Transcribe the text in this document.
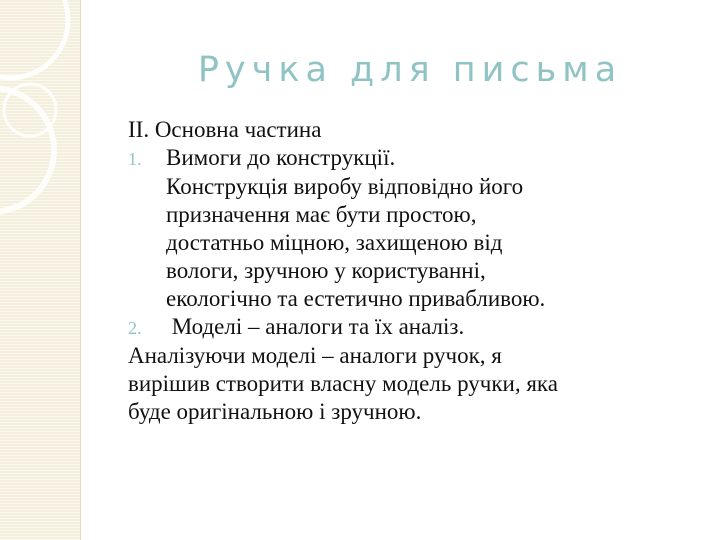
Ручка для письма
II. Основна частина
1. Вимоги до конструкції.
Конструкція виробу відповідно його
призначення має бути простою,
достатньо міцною, захищеною від
вологи, зручною у користуванні,
екологічно та естетично привабливою.
2. Моделі – аналоги та їх аналіз.
Аналізуючи моделі – аналоги ручок, я
вирішив створити власну модель ручки, яка
буде оригінальною і зручною.
